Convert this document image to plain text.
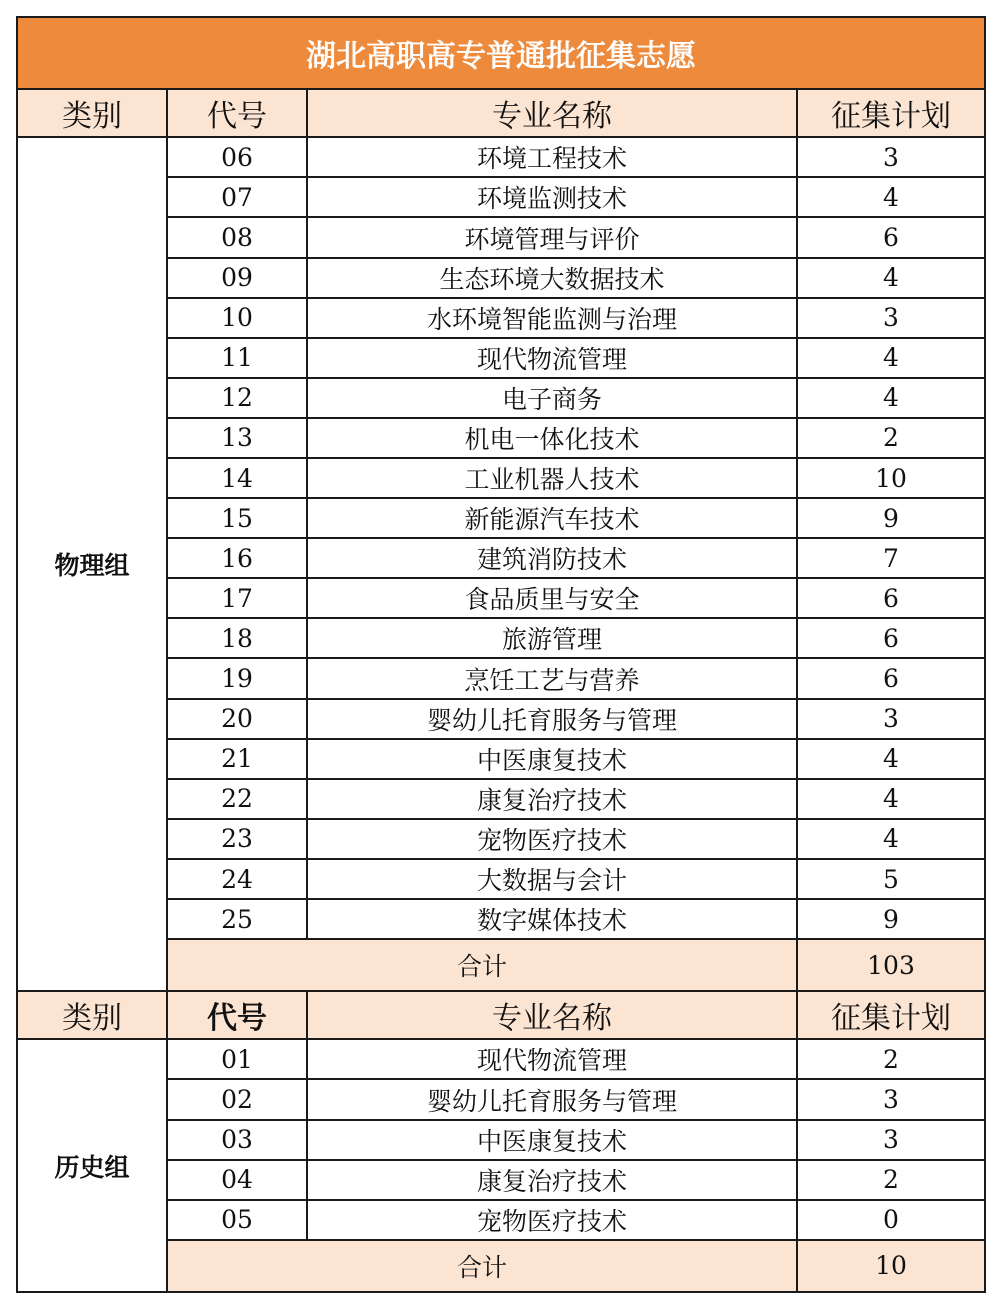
湖北高职高专普通批征集志愿			
类别	代号	专业名称	征集计划
物理组	06	环境工程技术	3
	07	环境监测技术	4
	08	环境管理与评价	6
	09	生态环境大数据技术	4
	10	水环境智能监测与治理	3
	11	现代物流管理	4
	12	电子商务	4
	13	机电一体化技术	2
	14	工业机器人技术	10
	15	新能源汽车技术	9
	16	建筑消防技术	7
	17	食品质里与安全	6
	18	旅游管理	6
	19	烹饪工艺与营养	6
	20	婴幼儿托育服务与管理	3
	21	中医康复技术	4
	22	康复治疗技术	4
	23	宠物医疗技术	4
	24	大数据与会计	5
	25	数字媒体技术	9
	合计		103
类别	代号	专业名称	征集计划
历史组	01	现代物流管理	2
	02	婴幼儿托育服务与管理	3
	03	中医康复技术	3
	04	康复治疗技术	2
	05	宠物医疗技术	0
	合计		10
